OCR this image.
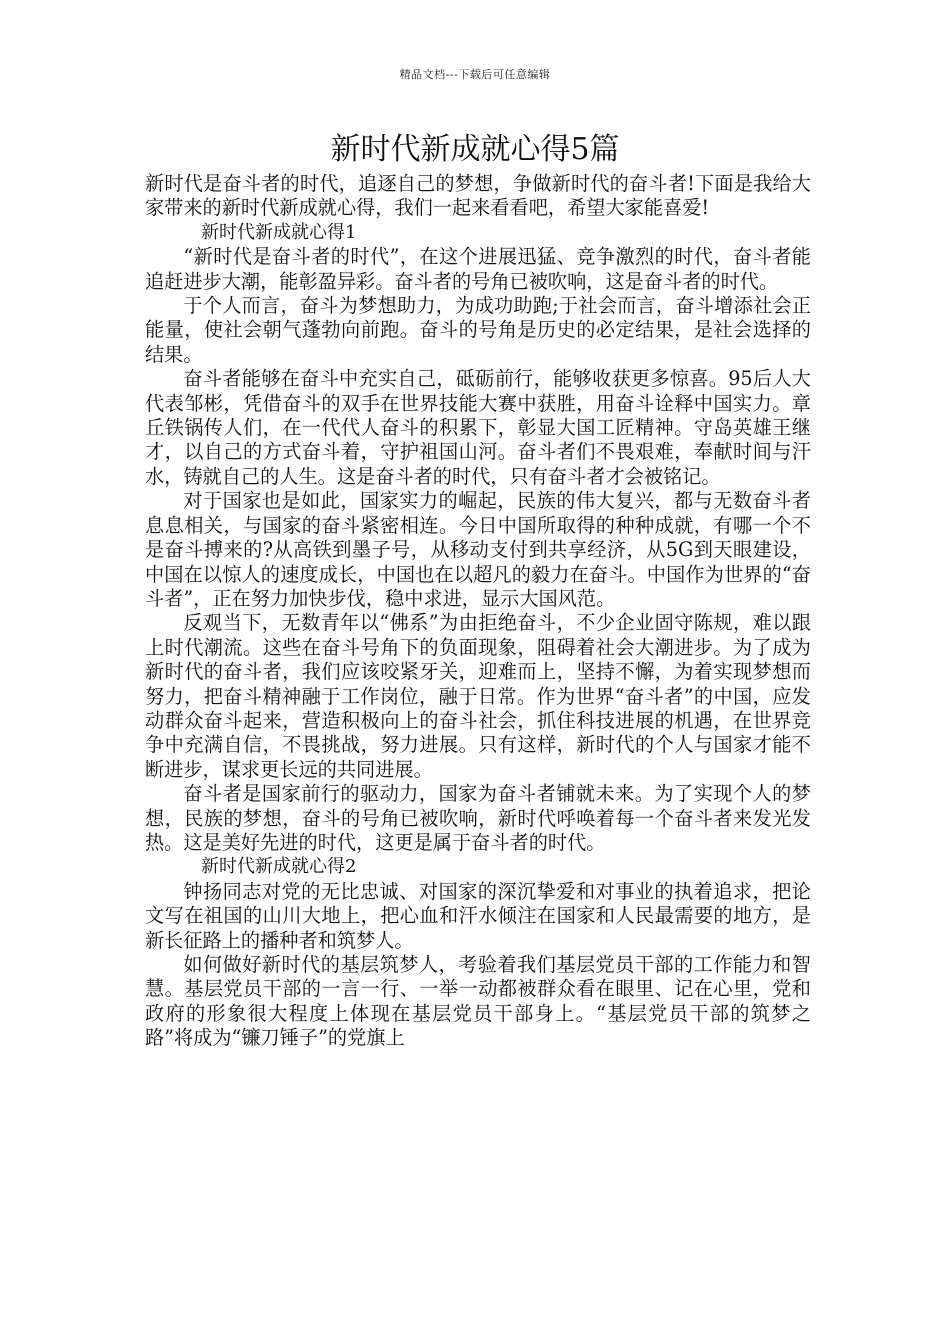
精品文档---下载后可任意编辑
新时代新成就心得5篇

新时代是奋斗者的时代，追逐自己的梦想，争做新时代的奋斗者!下面是我给大家带来的新时代新成就心得，我们一起来看看吧，希望大家能喜爱!

新时代新成就心得1

“新时代是奋斗者的时代”，在这个进展迅猛、竞争激烈的时代，奋斗者能追赶进步大潮，能彰盈异彩。奋斗者的号角已被吹响，这是奋斗者的时代。

于个人而言，奋斗为梦想助力，为成功助跑;于社会而言，奋斗增添社会正能量，使社会朝气蓬勃向前跑。奋斗的号角是历史的必定结果，是社会选择的结果。

奋斗者能够在奋斗中充实自己，砥砺前行，能够收获更多惊喜。95后人大代表邹彬，凭借奋斗的双手在世界技能大赛中获胜，用奋斗诠释中国实力。章丘铁锅传人们，在一代代人奋斗的积累下，彰显大国工匠精神。守岛英雄王继才，以自己的方式奋斗着，守护祖国山河。奋斗者们不畏艰难，奉献时间与汗水，铸就自己的人生。这是奋斗者的时代，只有奋斗者才会被铭记。

对于国家也是如此，国家实力的崛起，民族的伟大复兴，都与无数奋斗者息息相关，与国家的奋斗紧密相连。今日中国所取得的种种成就，有哪一个不是奋斗搏来的?从高铁到墨子号，从移动支付到共享经济，从5G到天眼建设，中国在以惊人的速度成长，中国也在以超凡的毅力在奋斗。中国作为世界的“奋斗者”，正在努力加快步伐，稳中求进，显示大国风范。

反观当下，无数青年以“佛系”为由拒绝奋斗，不少企业固守陈规，难以跟上时代潮流。这些在奋斗号角下的负面现象，阻碍着社会大潮进步。为了成为新时代的奋斗者，我们应该咬紧牙关，迎难而上，坚持不懈，为着实现梦想而努力，把奋斗精神融于工作岗位，融于日常。作为世界“奋斗者”的中国，应发动群众奋斗起来，营造积极向上的奋斗社会，抓住科技进展的机遇，在世界竞争中充满自信，不畏挑战，努力进展。只有这样，新时代的个人与国家才能不断进步，谋求更长远的共同进展。

奋斗者是国家前行的驱动力，国家为奋斗者铺就未来。为了实现个人的梦想，民族的梦想，奋斗的号角已被吹响，新时代呼唤着每一个奋斗者来发光发热。这是美好先进的时代，这更是属于奋斗者的时代。

新时代新成就心得2

钟扬同志对党的无比忠诚、对国家的深沉挚爱和对事业的执着追求，把论文写在祖国的山川大地上，把心血和汗水倾注在国家和人民最需要的地方，是新长征路上的播种者和筑梦人。

如何做好新时代的基层筑梦人，考验着我们基层党员干部的工作能力和智慧。基层党员干部的一言一行、一举一动都被群众看在眼里、记在心里，党和政府的形象很大程度上体现在基层党员干部身上。“基层党员干部的筑梦之路”将成为“镰刀锤子”的党旗上
